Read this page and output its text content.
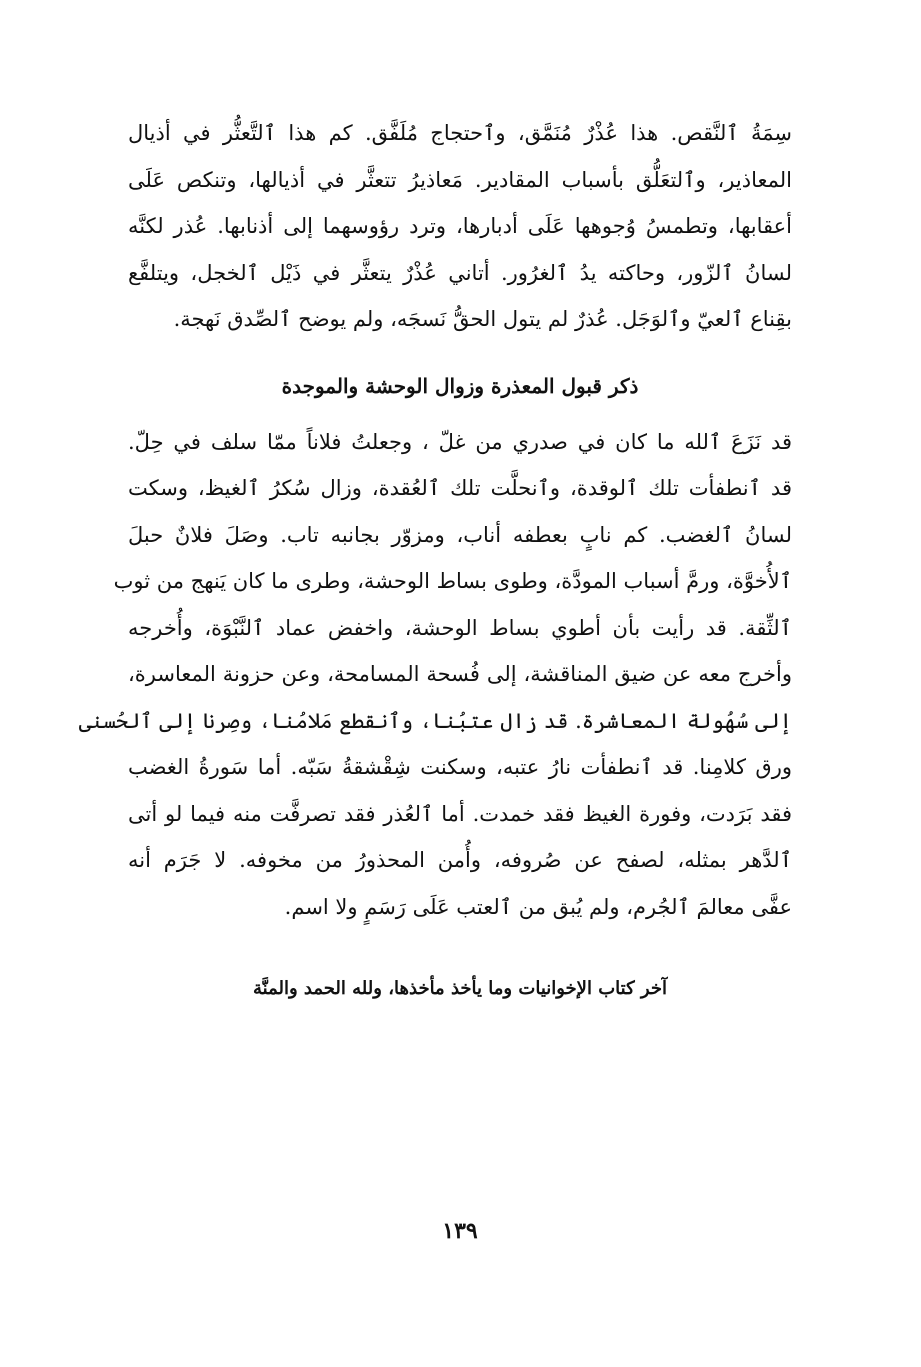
سِمَةُ ٱلنَّقص. هذا عُذْرٌ مُنَمَّق، وٱحتجاج مُلَفَّق. كم هذا ٱلتَّعثُّر في أذيال
المعاذير، وٱلتعَلُّق بأسباب المقادير. مَعاذيرُ تتعثَّر في أذيالها، وتنكص عَلَى
أعقابها، وتطمسُ وُجوهها عَلَى أدبارها، وترد رؤوسهما إلى أذنابها. عُذر لكنَّه
لسانُ ٱلزّور، وحاكته يدُ ٱلغرُور. أتاني عُذْرٌ يتعثَّر في ذَيْل ٱلخجل، ويتلفَّع
بقِناع ٱلعيّ وٱلوَجَل. عُذرٌ لم يتول الحقُّ نَسجَه، ولم يوضح ٱلصِّدق نَهجة.
ذكر قبول المعذرة وزوال الوحشة والموجدة
قد نَزَعَ ٱلله ما كان في صدري من غلّ ، وجعلتُ فلاناً ممّا سلف في حِلّ.
قد ٱنطفأت تلك ٱلوقدة، وٱنحلَّت تلك ٱلعُقدة، وزال سُكرُ ٱلغيظ، وسكت
لسانُ ٱلغضب. كم نابٍ بعطفه أناب، ومزوّر بجانبه تاب. وصَلَ فلانٌ حبلَ
ٱلأُخوَّة، ورمَّ أسباب المودَّة، وطوى بساط الوحشة، وطرى ما كان يَنهج من ثوب
ٱلثِّقة. قد رأيت بأن أطوي بساط الوحشة، واخفض عماد ٱلنَّبْوَة، وأُخرجه
وأخرج معه عن ضيق المناقشة، إلى فُسحة المسامحة، وعن حزونة المعاسرة،
إلى سُهُولة المعاشرة. قد زال عتبُنا، وٱنقطع مَلامُنا، وصِرنا إلى ٱلحُسنى
ورق كلامِنا. قد ٱنطفأت نارُ عتبه، وسكنت شِقْشقةُ سَبّه. أما سَورةُ الغضب
فقد بَرَدت، وفورة الغيظ فقد خمدت. أما ٱلعُذر فقد تصرفَّت منه فيما لو أتى
ٱلدَّهر بمثله، لصفح عن صُروفه، وأُمن المحذورُ من مخوفه. لا جَرَم أنه
عفَّى معالمَ ٱلجُرم، ولم يُبق من ٱلعتب عَلَى رَسَمٍ ولا اسم.
آخر كتاب الإخوانيات وما يأخذ مأخذها، ولله الحمد والمنَّة
١٣٩
